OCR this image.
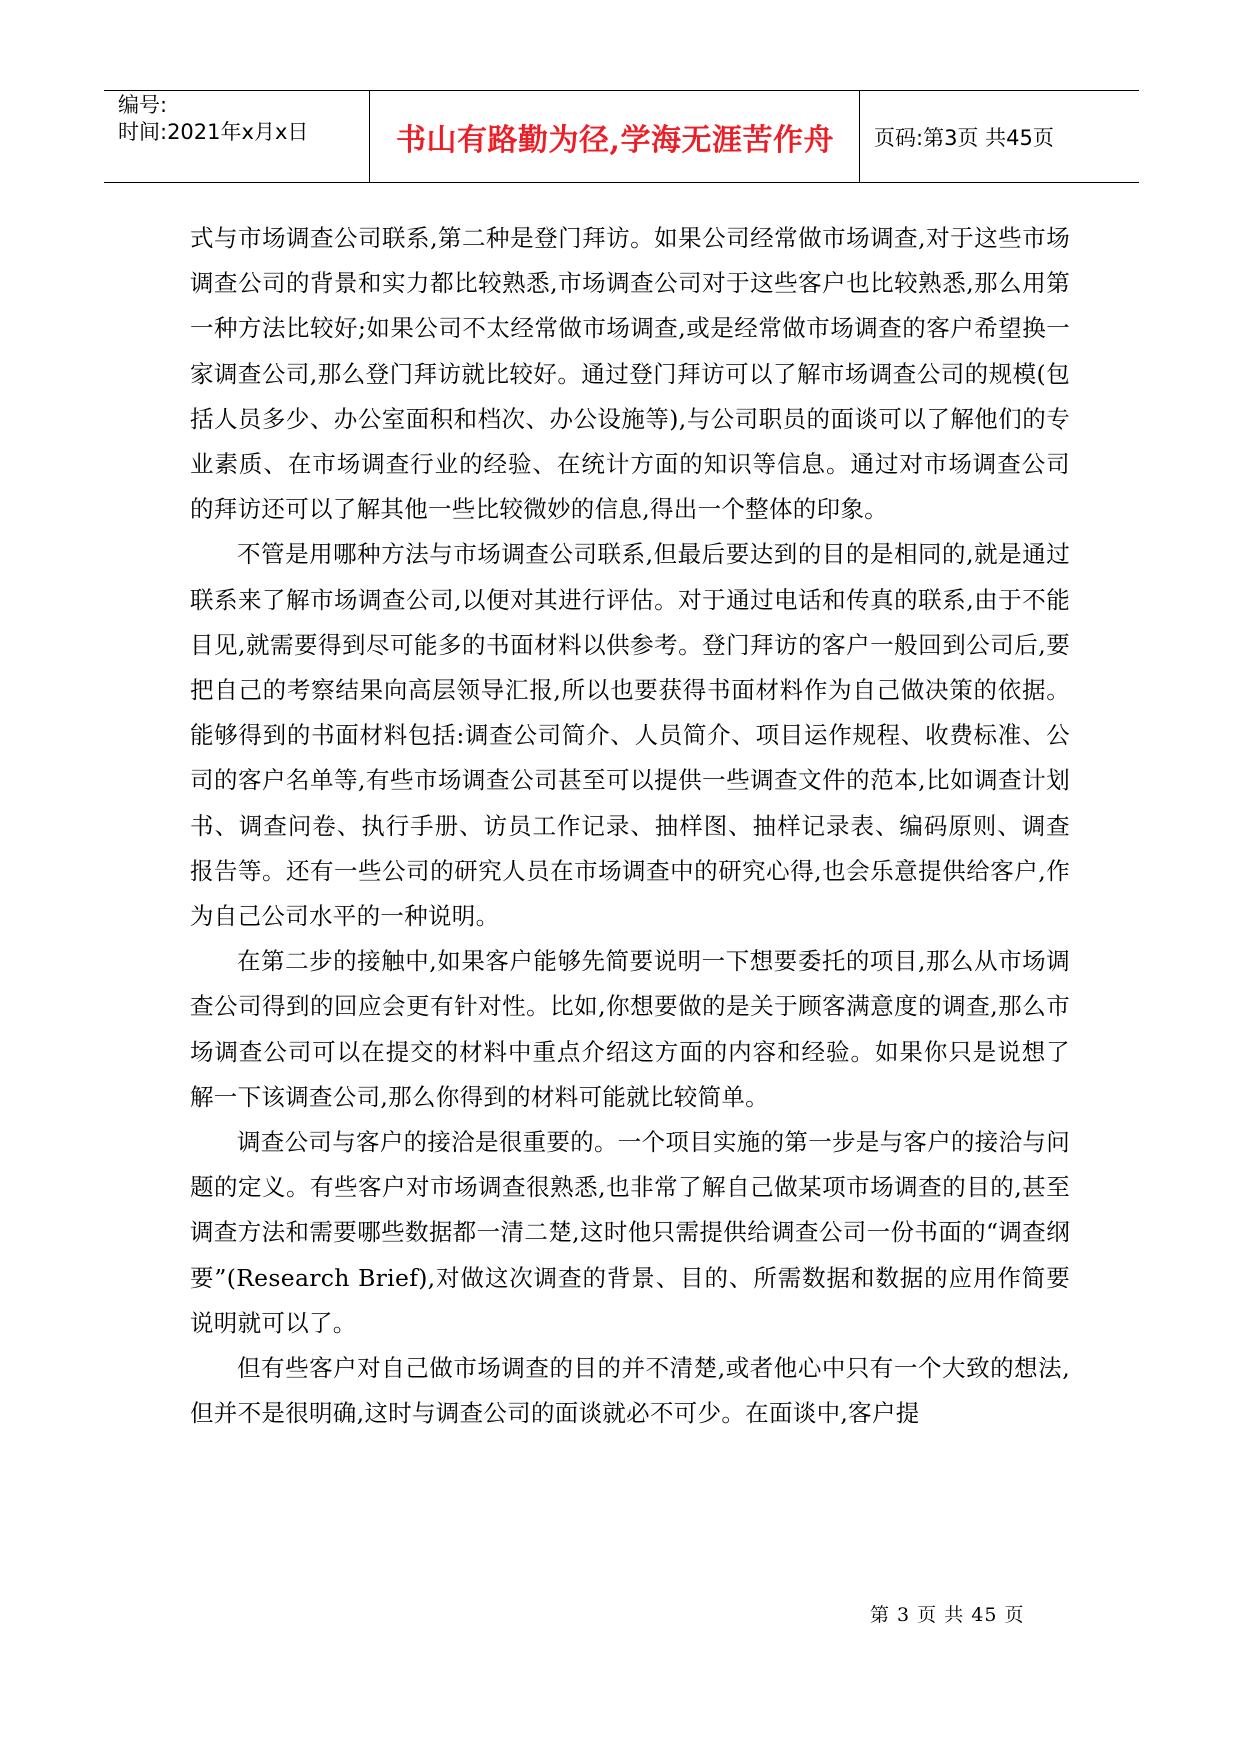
编号:
时间:2021年x月x日	书山有路勤为径,学海无涯苦作舟	页码:第3页 共45页

式与市场调查公司联系,第二种是登门拜访。如果公司经常做市场调查,对于这些市场调查公司的背景和实力都比较熟悉,市场调查公司对于这些客户也比较熟悉,那么用第一种方法比较好;如果公司不太经常做市场调查,或是经常做市场调查的客户希望换一家调查公司,那么登门拜访就比较好。通过登门拜访可以了解市场调查公司的规模(包括人员多少、办公室面积和档次、办公设施等),与公司职员的面谈可以了解他们的专业素质、在市场调查行业的经验、在统计方面的知识等信息。通过对市场调查公司的拜访还可以了解其他一些比较微妙的信息,得出一个整体的印象。

不管是用哪种方法与市场调查公司联系,但最后要达到的目的是相同的,就是通过联系来了解市场调查公司,以便对其进行评估。对于通过电话和传真的联系,由于不能目见,就需要得到尽可能多的书面材料以供参考。登门拜访的客户一般回到公司后,要把自己的考察结果向高层领导汇报,所以也要获得书面材料作为自己做决策的依据。能够得到的书面材料包括:调查公司简介、人员简介、项目运作规程、收费标准、公司的客户名单等,有些市场调查公司甚至可以提供一些调查文件的范本,比如调查计划书、调查问卷、执行手册、访员工作记录、抽样图、抽样记录表、编码原则、调查报告等。还有一些公司的研究人员在市场调查中的研究心得,也会乐意提供给客户,作为自己公司水平的一种说明。

在第二步的接触中,如果客户能够先简要说明一下想要委托的项目,那么从市场调查公司得到的回应会更有针对性。比如,你想要做的是关于顾客满意度的调查,那么市场调查公司可以在提交的材料中重点介绍这方面的内容和经验。如果你只是说想了解一下该调查公司,那么你得到的材料可能就比较简单。

调查公司与客户的接洽是很重要的。一个项目实施的第一步是与客户的接洽与问题的定义。有些客户对市场调查很熟悉,也非常了解自己做某项市场调查的目的,甚至调查方法和需要哪些数据都一清二楚,这时他只需提供给调查公司一份书面的“调查纲要”(Research Brief),对做这次调查的背景、目的、所需数据和数据的应用作简要说明就可以了。

但有些客户对自己做市场调查的目的并不清楚,或者他心中只有一个大致的想法,但并不是很明确,这时与调查公司的面谈就必不可少。在面谈中,客户提

第 3 页 共 45 页
